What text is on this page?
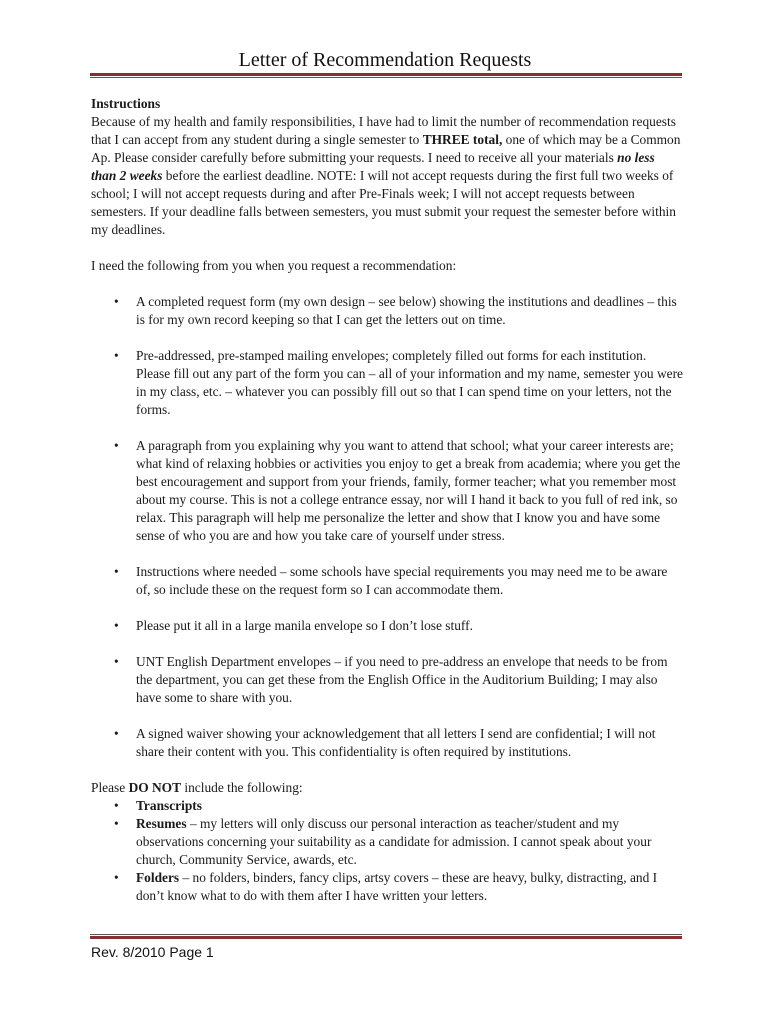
Letter of Recommendation Requests

Instructions

Because of my health and family responsibilities, I have had to limit the number of recommendation requests that I can accept from any student during a single semester to THREE total, one of which may be a Common Ap. Please consider carefully before submitting your requests. I need to receive all your materials no less than 2 weeks before the earliest deadline. NOTE: I will not accept requests during the first full two weeks of school; I will not accept requests during and after Pre-Finals week; I will not accept requests between semesters. If your deadline falls between semesters, you must submit your request the semester before within my deadlines.

I need the following from you when you request a recommendation:

• A completed request form (my own design – see below) showing the institutions and deadlines – this is for my own record keeping so that I can get the letters out on time.
• Pre-addressed, pre-stamped mailing envelopes; completely filled out forms for each institution. Please fill out any part of the form you can – all of your information and my name, semester you were in my class, etc. – whatever you can possibly fill out so that I can spend time on your letters, not the forms.
• A paragraph from you explaining why you want to attend that school; what your career interests are; what kind of relaxing hobbies or activities you enjoy to get a break from academia; where you get the best encouragement and support from your friends, family, former teacher; what you remember most about my course. This is not a college entrance essay, nor will I hand it back to you full of red ink, so relax. This paragraph will help me personalize the letter and show that I know you and have some sense of who you are and how you take care of yourself under stress.
• Instructions where needed – some schools have special requirements you may need me to be aware of, so include these on the request form so I can accommodate them.
• Please put it all in a large manila envelope so I don’t lose stuff.
• UNT English Department envelopes – if you need to pre-address an envelope that needs to be from the department, you can get these from the English Office in the Auditorium Building; I may also have some to share with you.
• A signed waiver showing your acknowledgement that all letters I send are confidential; I will not share their content with you. This confidentiality is often required by institutions.

Please DO NOT include the following:

• Transcripts
• Resumes – my letters will only discuss our personal interaction as teacher/student and my observations concerning your suitability as a candidate for admission. I cannot speak about your church, Community Service, awards, etc.
• Folders – no folders, binders, fancy clips, artsy covers – these are heavy, bulky, distracting, and I don’t know what to do with them after I have written your letters.
Rev. 8/2010 Page 1
